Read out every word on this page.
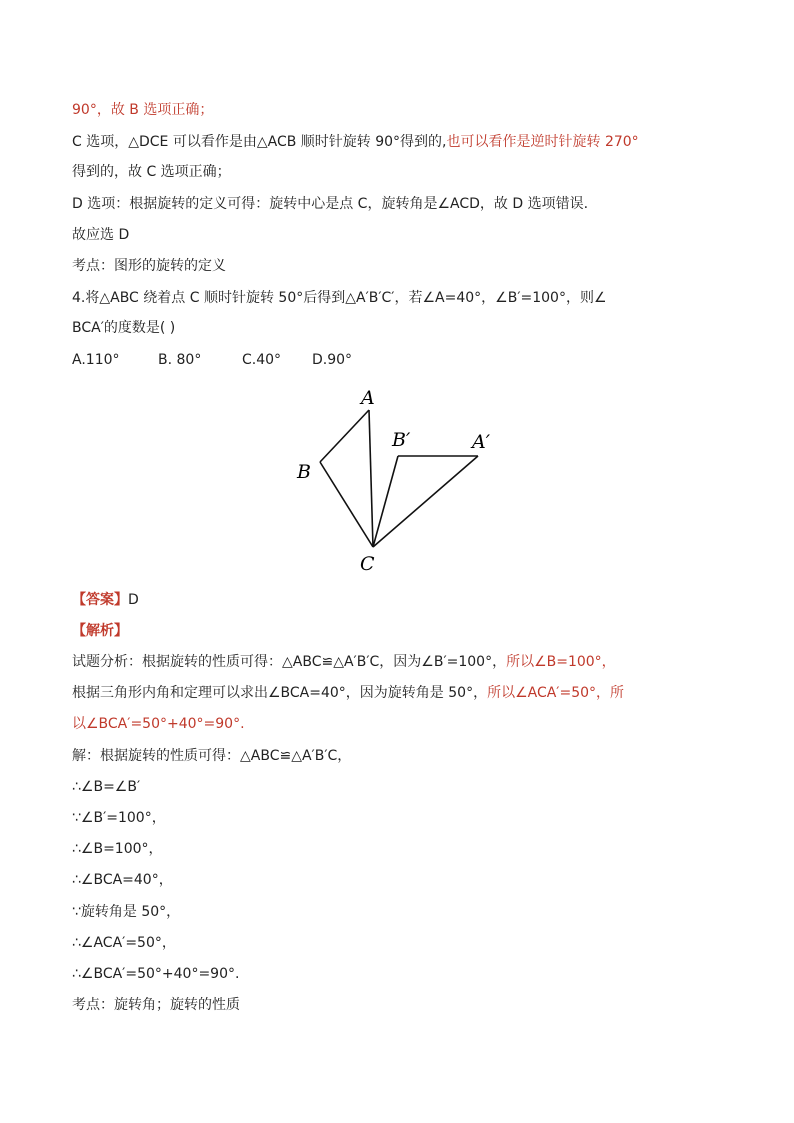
90°，故 B 选项正确；
C 选项，△DCE 可以看作是由△ACB 顺时针旋转 90°得到的,也可以看作是逆时针旋转 270°
得到的，故 C 选项正确；
D 选项：根据旋转的定义可得：旋转中心是点 C，旋转角是∠ACD，故 D 选项错误.
故应选 D
考点：图形的旋转的定义
4.将△ABC 绕着点 C 顺时针旋转 50°后得到△A′B′C′，若∠A=40°，∠B′=100°，则∠
BCA′的度数是( )
A.110°	B. 80°	C.40° D.90°
A
B
C
B′	A′
【答案】D
【解析】
试题分析：根据旋转的性质可得：△ABC≌△A′B′C，因为∠B′=100°，所以∠B=100°，
根据三角形内角和定理可以求出∠BCA=40°，因为旋转角是 50°，所以∠ACA′=50°，所
以∠BCA′=50°+40°=90°.
解：根据旋转的性质可得：△ABC≌△A′B′C，
∴∠B=∠B′
∵∠B′=100°，
∴∠B=100°，
∴∠BCA=40°，
∵旋转角是 50°，
∴∠ACA′=50°，
∴∠BCA′=50°+40°=90°.
考点：旋转角；旋转的性质
